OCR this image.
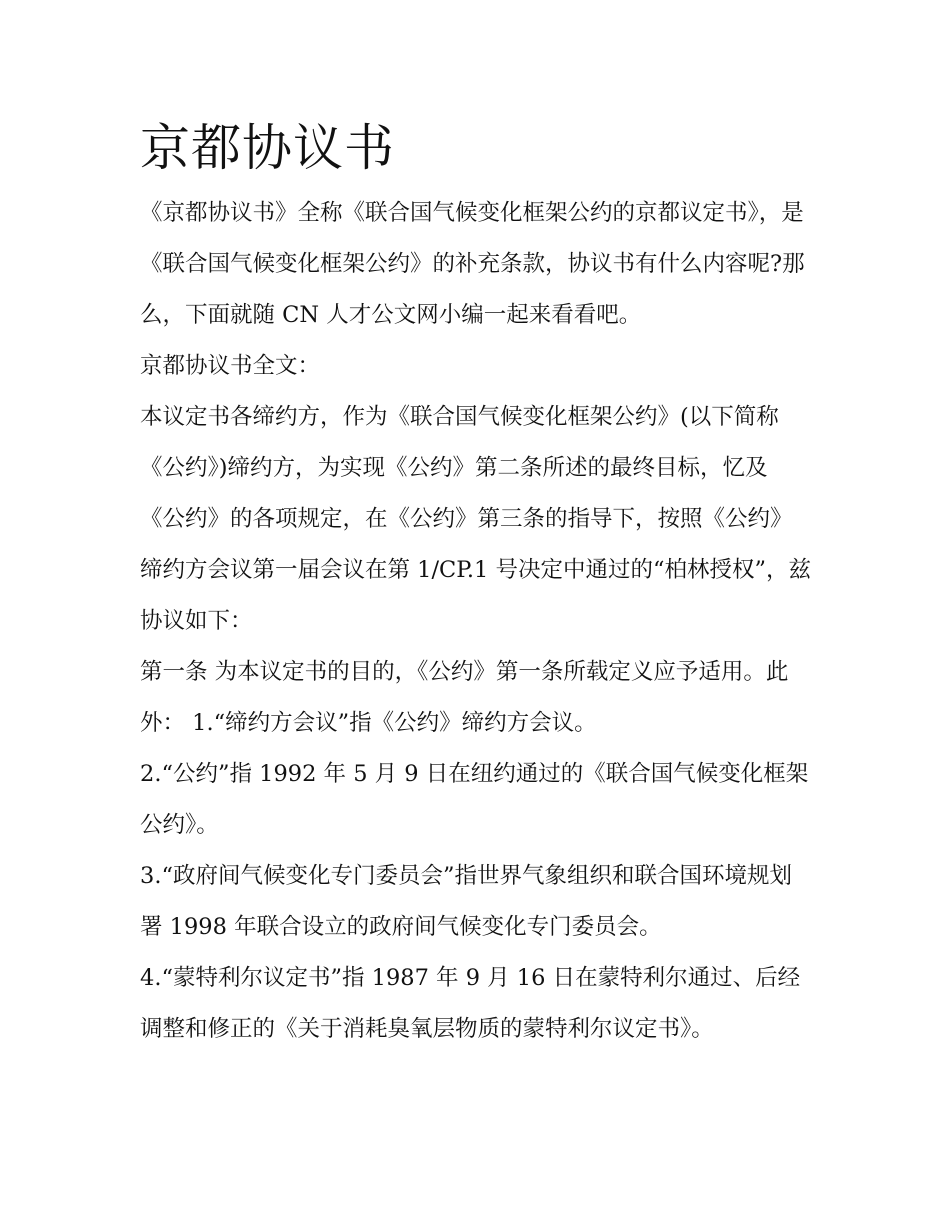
京都协议书

《京都协议书》全称《联合国气候变化框架公约的京都议定书》，是《联合国气候变化框架公约》的补充条款，协议书有什么内容呢?那么，下面就随 CN 人才公文网小编一起来看看吧。

京都协议书全文：

本议定书各缔约方，作为《联合国气候变化框架公约》(以下简称《公约》)缔约方，为实现《公约》第二条所述的最终目标，忆及《公约》的各项规定，在《公约》第三条的指导下，按照《公约》缔约方会议第一届会议在第 1/CP.1 号决定中通过的“柏林授权”，兹协议如下：

第一条 为本议定书的目的，《公约》第一条所载定义应予适用。此外： 1.“缔约方会议”指《公约》缔约方会议。

2.“公约”指 1992 年 5 月 9 日在纽约通过的《联合国气候变化框架公约》。

3.“政府间气候变化专门委员会”指世界气象组织和联合国环境规划署 1998 年联合设立的政府间气候变化专门委员会。

4.“蒙特利尔议定书”指 1987 年 9 月 16 日在蒙特利尔通过、后经调整和修正的《关于消耗臭氧层物质的蒙特利尔议定书》。
